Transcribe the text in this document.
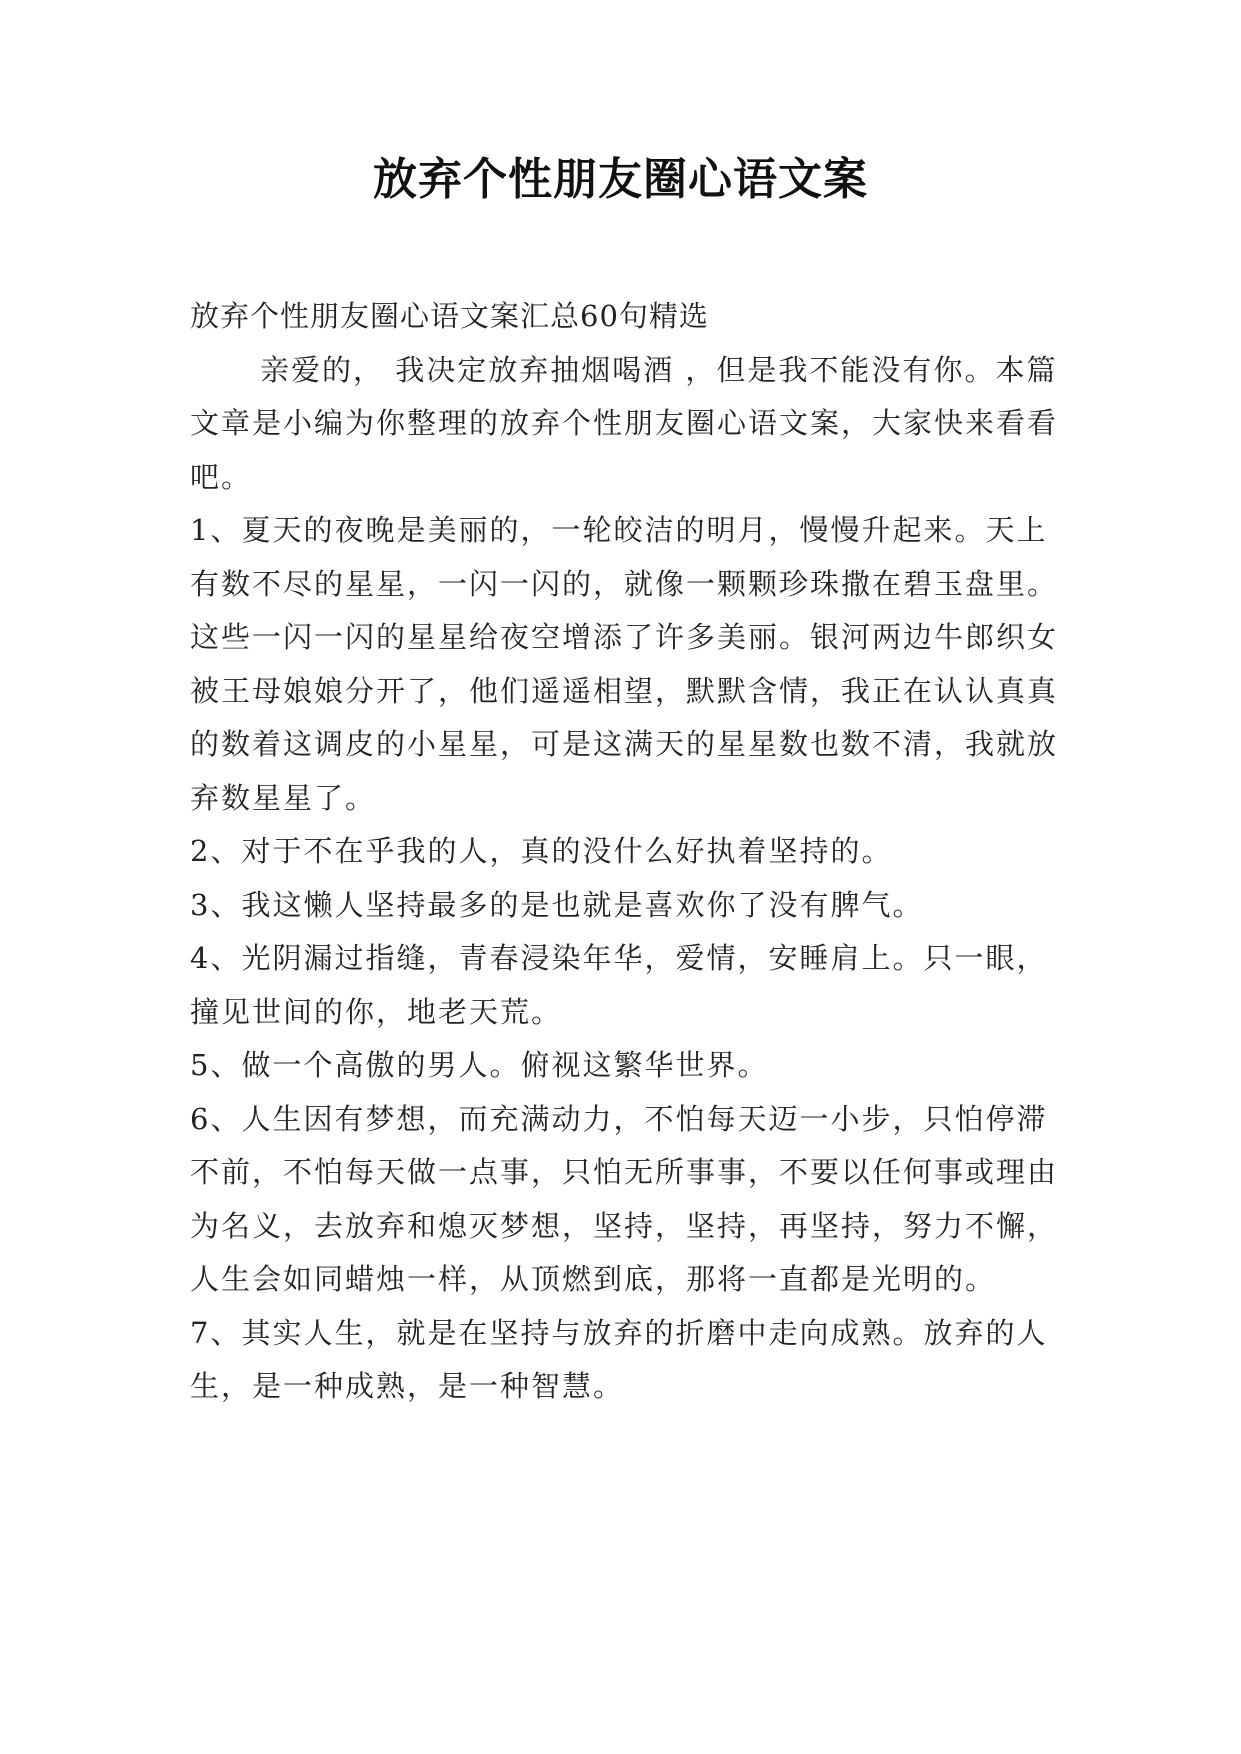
放弃个性朋友圈心语文案

放弃个性朋友圈心语文案汇总60句精选

亲爱的， 我决定放弃抽烟喝酒 ，但是我不能没有你。本篇文章是小编为你整理的放弃个性朋友圈心语文案，大家快来看看吧。

1、夏天的夜晚是美丽的，一轮皎洁的明月，慢慢升起来。天上有数不尽的星星，一闪一闪的，就像一颗颗珍珠撒在碧玉盘里。这些一闪一闪的星星给夜空增添了许多美丽。银河两边牛郎织女被王母娘娘分开了，他们遥遥相望，默默含情，我正在认认真真的数着这调皮的小星星，可是这满天的星星数也数不清，我就放弃数星星了。

2、对于不在乎我的人，真的没什么好执着坚持的。

3、我这懒人坚持最多的是也就是喜欢你了没有脾气。

4、光阴漏过指缝，青春浸染年华，爱情，安睡肩上。只一眼，撞见世间的你，地老天荒。

5、做一个高傲的男人。俯视这繁华世界。

6、人生因有梦想，而充满动力，不怕每天迈一小步，只怕停滞不前，不怕每天做一点事，只怕无所事事，不要以任何事或理由为名义，去放弃和熄灭梦想，坚持，坚持，再坚持，努力不懈，人生会如同蜡烛一样，从顶燃到底，那将一直都是光明的。

7、其实人生，就是在坚持与放弃的折磨中走向成熟。放弃的人生，是一种成熟，是一种智慧。
